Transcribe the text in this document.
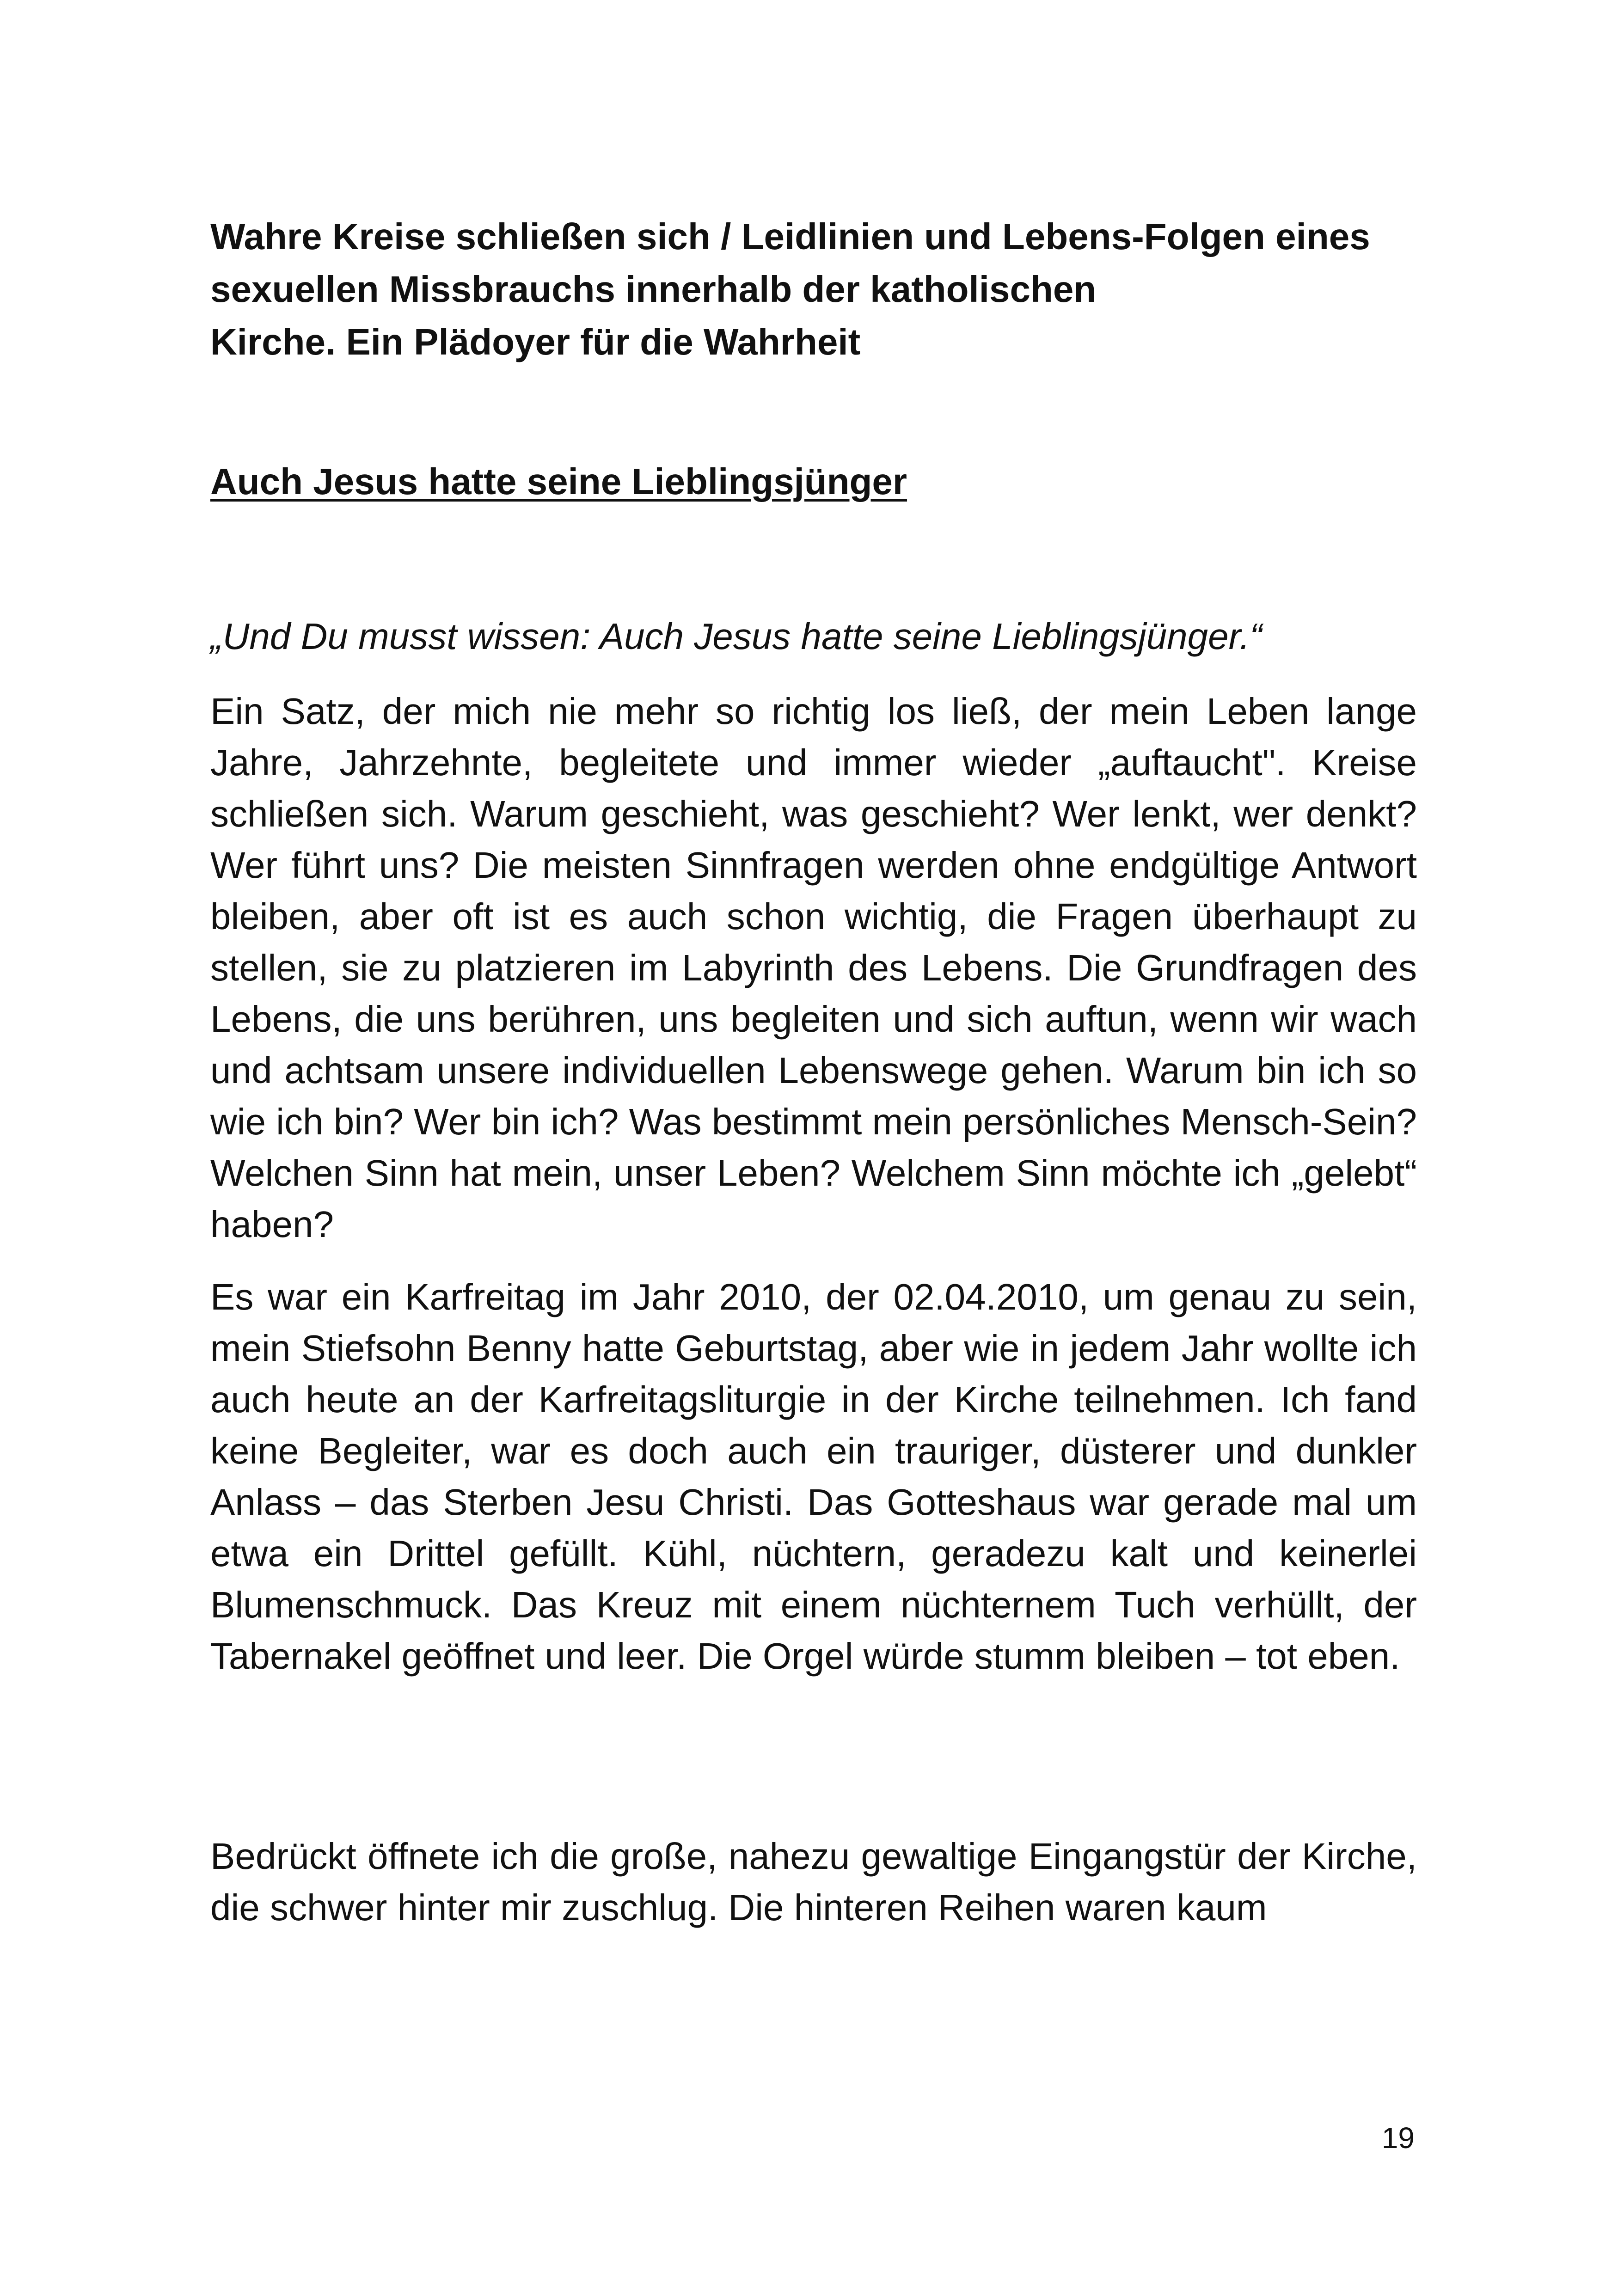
Wahre Kreise schließen sich / Leidlinien und Lebens-Folgen eines
sexuellen Missbrauchs innerhalb der katholischen
Kirche. Ein Plädoyer für die Wahrheit
Auch Jesus hatte seine Lieblingsjünger

„Und Du musst wissen: Auch Jesus hatte seine Lieblingsjünger.“

Ein Satz, der mich nie mehr so richtig los ließ, der mein Leben lange Jahre, Jahrzehnte, begleitete und immer wieder „auftaucht". Kreise schließen sich. Warum geschieht, was geschieht? Wer lenkt, wer denkt? Wer führt uns? Die meisten Sinnfragen werden ohne endgültige Antwort bleiben, aber oft ist es auch schon wichtig, die Fragen überhaupt zu stellen, sie zu platzieren im Labyrinth des Lebens. Die Grundfragen des Lebens, die uns berühren, uns begleiten und sich auftun, wenn wir wach und achtsam unsere individuellen Lebenswege gehen. Warum bin ich so wie ich bin? Wer bin ich? Was bestimmt mein persönliches Mensch-Sein? Welchen Sinn hat mein, unser Leben? Welchem Sinn möchte ich „gelebt“ haben?

Es war ein Karfreitag im Jahr 2010, der 02.04.2010, um genau zu sein, mein Stiefsohn Benny hatte Geburtstag, aber wie in jedem Jahr wollte ich auch heute an der Karfreitagsliturgie in der Kirche teilnehmen. Ich fand keine Begleiter, war es doch auch ein trauriger, düsterer und dunkler Anlass – das Sterben Jesu Christi. Das Gotteshaus war gerade mal um etwa ein Drittel gefüllt. Kühl, nüchtern, geradezu kalt und keinerlei Blumenschmuck. Das Kreuz mit einem nüchternem Tuch verhüllt, der Tabernakel geöffnet und leer. Die Orgel würde stumm bleiben – tot eben.

Bedrückt öffnete ich die große, nahezu gewaltige Eingangstür der Kirche, die schwer hinter mir zuschlug. Die hinteren Reihen waren kaum

19
